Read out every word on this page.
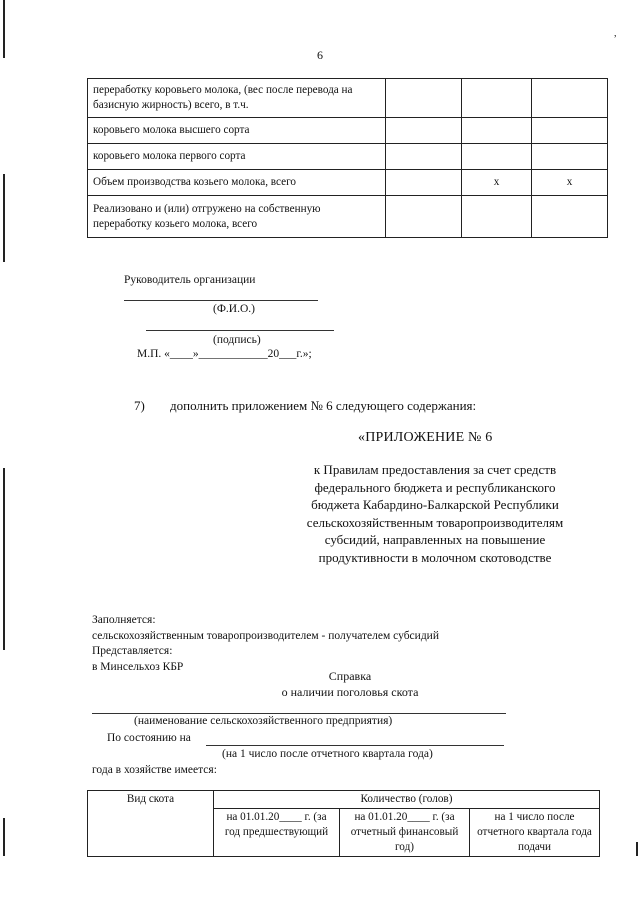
,
6
переработку коровьего молока, (вес после перевода на базисную жирность) всего, в т.ч.			
коровьего молока высшего сорта			
коровьего молока первого сорта			
Объем производства козьего молока, всего		x	x
Реализовано и (или) отгружено на собственную переработку козьего молока, всего			
Руководитель организации
(Ф.И.О.)
(подпись)
М.П. «____»____________20___г.»;
7) дополнить приложением № 6 следующего содержания:
«ПРИЛОЖЕНИЕ № 6
к Правилам предоставления за счет средств
федерального бюджета и республиканского
бюджета Кабардино-Балкарской Республики
сельскохозяйственным товаропроизводителям
субсидий, направленных на повышение
продуктивности в молочном скотоводстве
Заполняется:
сельскохозяйственным товаропроизводителем - получателем субсидий
Представляется:
в Минсельхоз КБР
Справка
о наличии поголовья скота
(наименование сельскохозяйственного предприятия)
По состоянию на
(на 1 число после отчетного квартала года)
года в хозяйстве имеется:
Вид скота	Количество (голов)		
	на 01.01.20____ г. (за год предшествующий	на 01.01.20____ г. (за отчетный финансовый год)	на 1 число после отчетного квартала года подачи
